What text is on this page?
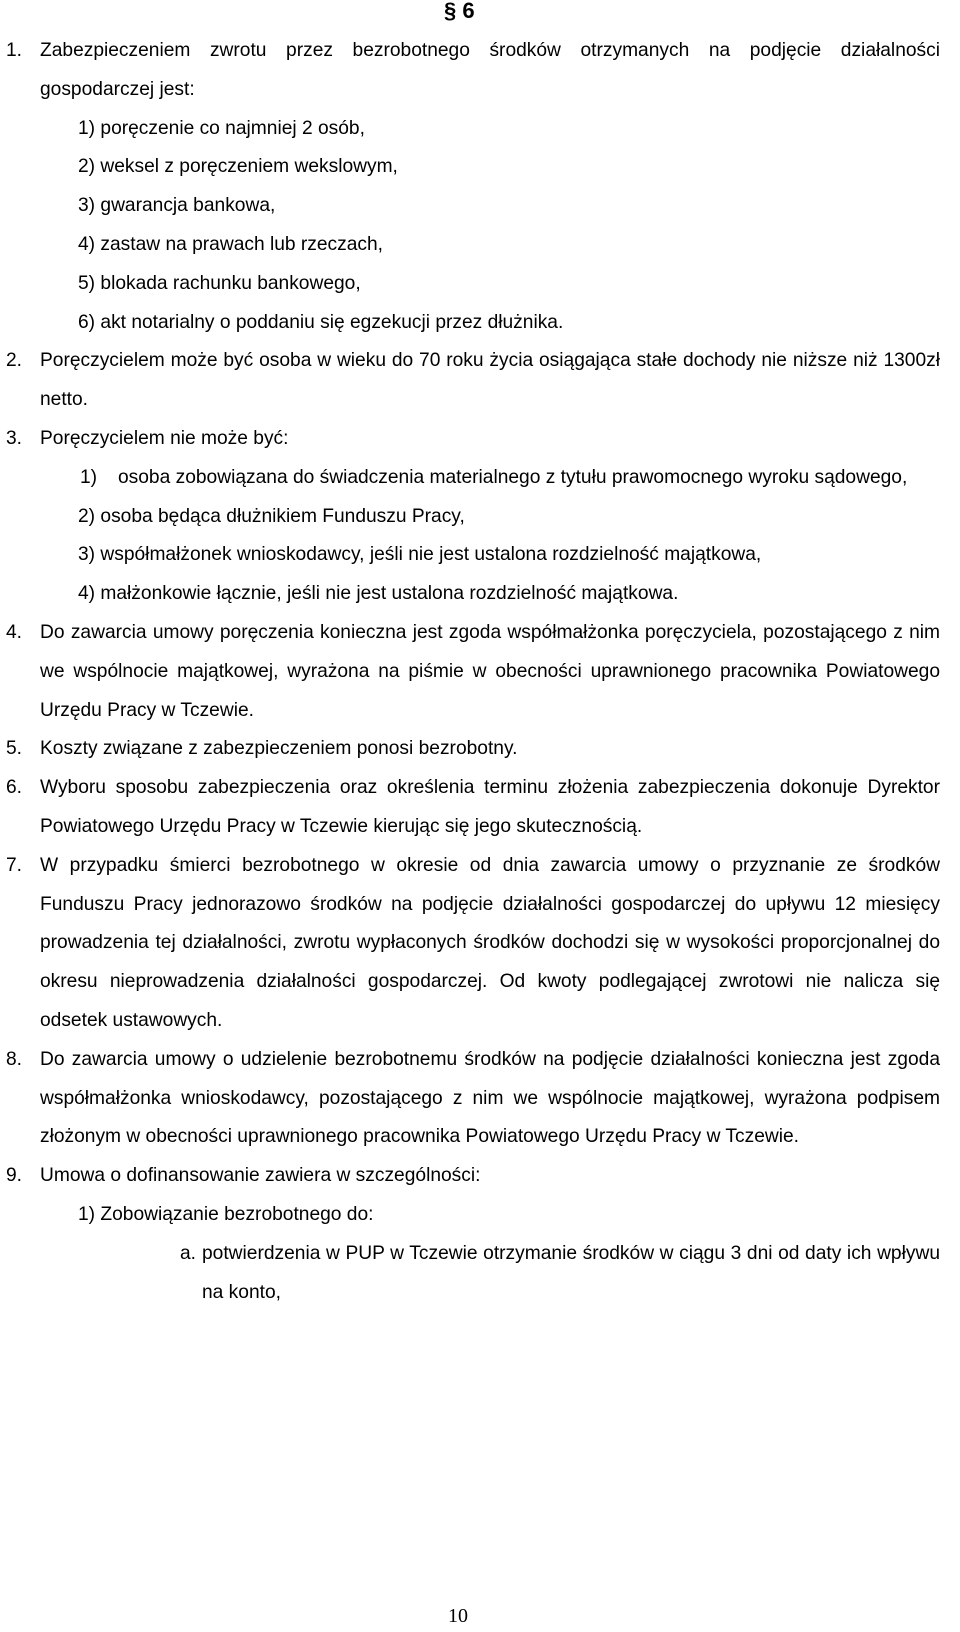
§ 6
1. Zabezpieczeniem zwrotu przez bezrobotnego środków otrzymanych na podjęcie działalności gospodarczej jest:
1) poręczenie co najmniej 2 osób,
2) weksel z poręczeniem wekslowym,
3) gwarancja bankowa,
4) zastaw na prawach lub rzeczach,
5) blokada rachunku bankowego,
6) akt notarialny o poddaniu się egzekucji przez dłużnika.
2. Poręczycielem może być osoba w wieku do 70 roku życia osiągająca stałe dochody nie niższe niż 1300zł netto.
3. Poręczycielem nie może być:
1) osoba zobowiązana do świadczenia materialnego z tytułu prawomocnego wyroku sądowego,
2) osoba będąca dłużnikiem Funduszu Pracy,
3) współmałżonek wnioskodawcy, jeśli nie jest ustalona rozdzielność majątkowa,
4) małżonkowie łącznie, jeśli nie jest ustalona rozdzielność majątkowa.
4. Do zawarcia umowy poręczenia konieczna jest zgoda współmałżonka poręczyciela, pozostającego z nim we wspólnocie majątkowej, wyrażona na piśmie w obecności uprawnionego pracownika Powiatowego Urzędu Pracy w Tczewie.
5. Koszty związane z zabezpieczeniem ponosi bezrobotny.
6. Wyboru sposobu zabezpieczenia oraz określenia terminu złożenia zabezpieczenia dokonuje Dyrektor Powiatowego Urzędu Pracy w Tczewie kierując się jego skutecznością.
7. W przypadku śmierci bezrobotnego w okresie od dnia zawarcia umowy o przyznanie ze środków Funduszu Pracy jednorazowo środków na podjęcie działalności gospodarczej do upływu 12 miesięcy prowadzenia tej działalności, zwrotu wypłaconych środków dochodzi się w wysokości proporcjonalnej do okresu nieprowadzenia działalności gospodarczej. Od kwoty podlegającej zwrotowi nie nalicza się odsetek ustawowych.
8. Do zawarcia umowy o udzielenie bezrobotnemu środków na podjęcie działalności konieczna jest zgoda współmałżonka wnioskodawcy, pozostającego z nim we wspólnocie majątkowej, wyrażona podpisem złożonym w obecności uprawnionego pracownika Powiatowego Urzędu Pracy w Tczewie.
9. Umowa o dofinansowanie zawiera w szczególności:
1) Zobowiązanie bezrobotnego do:
a. potwierdzenia w PUP w Tczewie otrzymanie środków w ciągu 3 dni od daty ich wpływu na konto,
10
